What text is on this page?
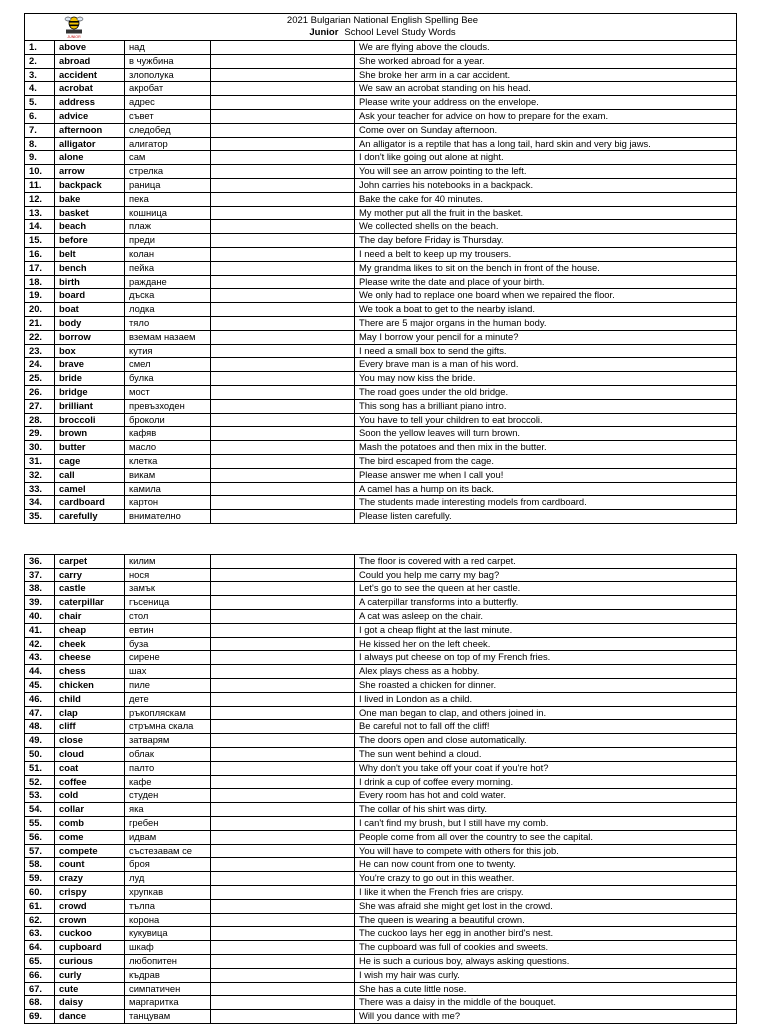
JUNIOR
2021 Bulgarian National English Spelling Bee
Junior School Level Study Words				

1.	above	над		We are flying above the clouds.
2.	abroad	в чужбина		She worked abroad for a year.
3.	accident	злополука		She broke her arm in a car accident.
4.	acrobat	акробат		We saw an acrobat standing on his head.
5.	address	адрес		Please write your address on the envelope.
6.	advice	съвет		Ask your teacher for advice on how to prepare for the exam.
7.	afternoon	следобед		Come over on Sunday afternoon.
8.	alligator	алигатор		An alligator is a reptile that has a long tail, hard skin and very big jaws.
9.	alone	сам		I don't like going out alone at night.
10.	arrow	стрелка		You will see an arrow pointing to the left.
11.	backpack	раница		John carries his notebooks in a backpack.
12.	bake	пека		Bake the cake for 40 minutes.
13.	basket	кошница		My mother put all the fruit in the basket.
14.	beach	плаж		We collected shells on the beach.
15.	before	преди		The day before Friday is Thursday.
16.	belt	колан		I need a belt to keep up my trousers.
17.	bench	пейка		My grandma likes to sit on the bench in front of the house.
18.	birth	раждане		Please write the date and place of your birth.
19.	board	дъска		We only had to replace one board when we repaired the floor.
20.	boat	лодка		We took a boat to get to the nearby island.
21.	body	тяло		There are 5 major organs in the human body.
22.	borrow	вземам назаем		May I borrow your pencil for a minute?
23.	box	кутия		I need a small box to send the gifts.
24.	brave	смел		Every brave man is a man of his word.
25.	bride	булка		You may now kiss the bride.
26.	bridge	мост		The road goes under the old bridge.
27.	brilliant	превъзходен		This song has a brilliant piano intro.
28.	broccoli	броколи		You have to tell your children to eat broccoli.
29.	brown	кафяв		Soon the yellow leaves will turn brown.
30.	butter	масло		Mash the potatoes and then mix in the butter.
31.	cage	клетка		The bird escaped from the cage.
32.	call	викам		Please answer me when I call you!
33.	camel	камила		A camel has a hump on its back.
34.	cardboard	картон		The students made interesting models from cardboard.
35.	carefully	внимателно		Please listen carefully.
36.	carpet	килим		The floor is covered with a red carpet.
37.	carry	нося		Could you help me carry my bag?
38.	castle	замък		Let's go to see the queen at her castle.
39.	caterpillar	гъсеница		A caterpillar transforms into a butterfly.
40.	chair	стол		A cat was asleep on the chair.
41.	cheap	евтин		I got a cheap flight at the last minute.
42.	cheek	буза		He kissed her on the left cheek.
43.	cheese	сирене		I always put cheese on top of my French fries.
44.	chess	шах		Alex plays chess as a hobby.
45.	chicken	пиле		She roasted a chicken for dinner.
46.	child	дете		I lived in London as a child.
47.	clap	ръкопляскам		One man began to clap, and others joined in.
48.	cliff	стръмна скала		Be careful not to fall off the cliff!
49.	close	затварям		The doors open and close automatically.
50.	cloud	облак		The sun went behind a cloud.
51.	coat	палто		Why don't you take off your coat if you're hot?
52.	coffee	кафе		I drink a cup of coffee every morning.
53.	cold	студен		Every room has hot and cold water.
54.	collar	яка		The collar of his shirt was dirty.
55.	comb	гребен		I can't find my brush, but I still have my comb.
56.	come	идвам		People come from all over the country to see the capital.
57.	compete	състезавам се		You will have to compete with others for this job.
58.	count	броя		He can now count from one to twenty.
59.	crazy	луд		You're crazy to go out in this weather.
60.	crispy	хрупкав		I like it when the French fries are crispy.
61.	crowd	тълпа		She was afraid she might get lost in the crowd.
62.	crown	корона		The queen is wearing a beautiful crown.
63.	cuckoo	кукувица		The cuckoo lays her egg in another bird's nest.
64.	cupboard	шкаф		The cupboard was full of cookies and sweets.
65.	curious	любопитен		He is such a curious boy, always asking questions.
66.	curly	къдрав		I wish my hair was curly.
67.	cute	симпатичен		She has a cute little nose.
68.	daisy	маргаритка		There was a daisy in the middle of the bouquet.
69.	dance	танцувам		Will you dance with me?
